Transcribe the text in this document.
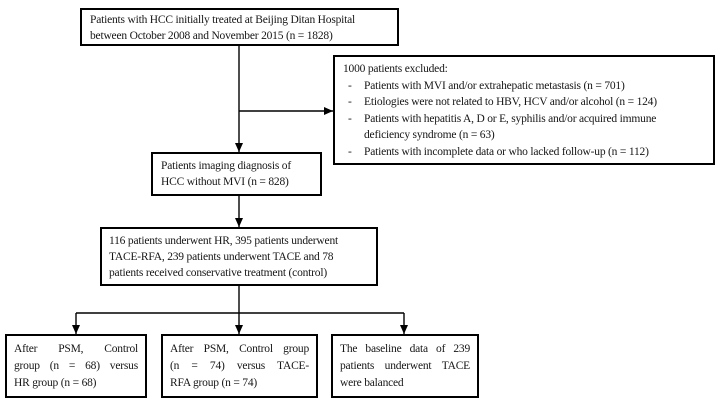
Patients with HCC initially treated at Beijing Ditan Hospital
between October 2008 and November 2015 (n = 1828)
1000 patients excluded:
-	Patients with MVI and/or extrahepatic metastasis (n = 701)
-	Etiologies were not related to HBV, HCV and/or alcohol (n = 124)
-	Patients with hepatitis A, D or E, syphilis and/or acquired immune
deficiency syndrome (n = 63)
-	Patients with incomplete data or who lacked follow-up (n = 112)
Patients imaging diagnosis of
HCC without MVI (n = 828)
116 patients underwent HR, 395 patients underwent
TACE-RFA, 239 patients underwent TACE and 78
patients received conservative treatment (control)
After PSM, Control
group (n = 68) versus
HR group (n = 68)
After PSM, Control group
(n = 74) versus TACE-
RFA group (n = 74)
The baseline data of 239
patients underwent TACE
were balanced
